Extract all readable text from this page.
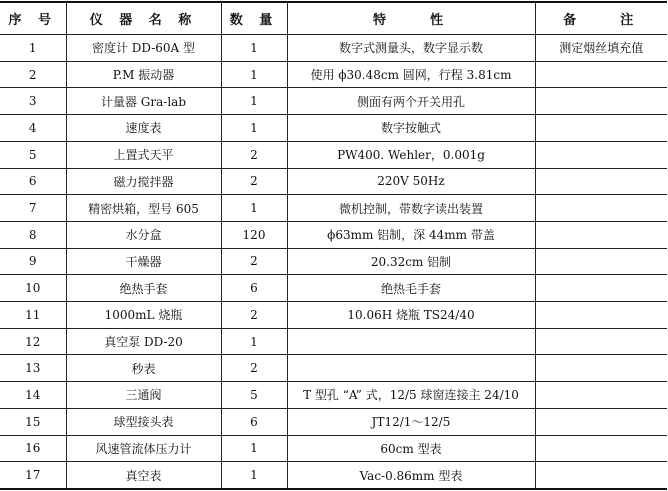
序 号	仪 器 名 称	数 量	特　　性	备　　注
1	密度计 DD-60A 型	1	数字式测量头，数字显示数	测定烟丝填充值
2	P.M 振动器	1	使用 ϕ30.48cm 圆网，行程 3.81cm	
3	计量器 Gra-lab	1	侧面有两个开关用孔	
4	速度表	1	数字按触式	
5	上置式天平	2	PW400. Wehler，0.001g	
6	磁力搅拌器	2	220V 50Hz	
7	精密烘箱，型号 605	1	微机控制，带数字读出装置	
8	水分盒	120	ϕ63mm 铝制，深 44mm 带盖	
9	干燥器	2	20.32cm 铝制	
10	绝热手套	6	绝热毛手套	
11	1000mL 烧瓶	2	10.06H 烧瓶 TS24/40	
12	真空泵 DD-20	1		
13	秒表	2		
14	三通阀	5	T 型孔 “A” 式，12/5 球窗连接主 24/10	
15	球型接头表	6	JT12/1～12/5	
16	风速管流体压力计	1	60cm 型表	
17	真空表	1	Vac-0.86mm 型表	
